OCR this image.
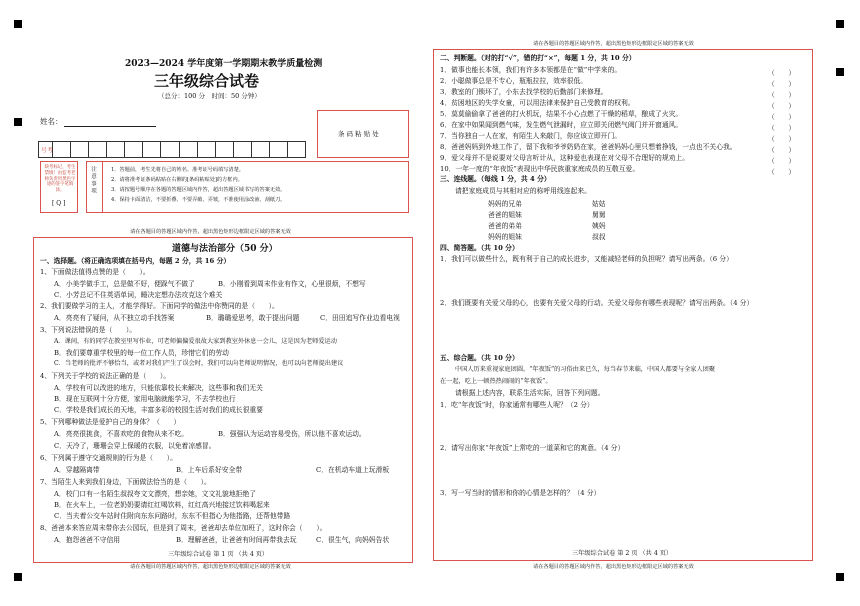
2023—2024 学年度第一学期期末教学质量检测
三年级综合试卷
（总分：100 分　时间：50 分钟）
姓名：
考　号
条 码 粘 贴 处
缺考标记，考生禁填！由监考老师负责用黑色字迹的签字笔填涂。
[ Q ]
注 意 事 项	1．答题前，考生先将自己的姓名、准考证号码填写清楚。
2．请将准考证条码粘贴在右侧的[条码粘贴处]的方框内。
3．请按题号顺序在各题的答题区域内作答，超出答题区域书写的答案无效。
4．保持卡面清洁，不要折叠、不要弄破、弄皱，不准使用涂改液、刮纸刀。
请在各题目的答题区域内作答，超出黑色矩形边框限定区域的答案无效
道德与法治部分（50 分）
一、选择题。（将正确选项填在括号内，每题 2 分，共 16 分）
1、下面做法值得点赞的是（　　）。
A．小美学做手工，总是做不好，便跺气不做了	B．小刚看到周末作业有作文，心里很烦，不想写
C．小芳总记不住英语单词，睡决定想办法攻克这个难关
2、我们要做学习的主人，才能学得好。下面同学的做法中你赞同的是（　　）。
A．亮亮有了疑问，从不独立动手找答案	B．璐璐爱思考，敢于提出问题	C．田田追写作业边看电视
3、下列说法错误的是（　　）。
A．课间，有的同学在教室里写作业，可老师偏偏爱很故大家到教室外休息一会儿，这是因为老师爱运动
B．我们要尊重学校里的每一位工作人员，珍惜它们的劳动
C．当老师的批评不够恰当，或者对我们产生了误会时，我们可以向老师说明情况，也可以向老师提出建议
4、下列关于学校的说法正确的是（　　）。
A．学校有可以改进的地方，只能依靠校长来解决，这些事和我们无关
B．现在互联网十分方便，家用电脑就能学习，不去学校也行
C．学校是我们成长的天地，丰富多彩的校园生活对我们的成长很重要
5、下列哪种做法是爱护自己的身体？（　　）
A．亮亮很挑食，不喜欢吃的食物从来不吃。	B．强强认为运动容易受伤，所以他不喜欢运动。
C．天冷了，珊珊会穿上保暖的衣服，以免着凉感冒。
6、下列属于遵守交通规则的行为是（　　）。
A．穿越隔离带	B．上车后系好安全带	C．在机动车道上玩滑板
7、当陌生人来到我们身边，下面做法恰当的是（　　）。
A．校门口有一名陌生叔叔夸文文漂亮，想亲她，文文礼貌地拒绝了
B．在火车上，一位老奶奶要请红红喝饮料，红红高兴地接过饮料喝起来
C．当夫着公交车站时住附向东东问路时，东东不但指心为他指路，还帮他带路
8、爸爸本来答应周末带你去公园玩，但是到了周末，爸爸却去单位加班了，这时你会（　　）。
A．抱怨爸爸不守信用	B．理解爸爸，让爸爸有时间再带我去玩	C．很生气，向妈妈告状
三年级综合试卷 第 1 页 （共 4 页）
请在各题目的答题区域内作答，超出黑色矩形边框限定区域的答案无效
请在各题目的答题区域内作答，超出黑色矩形边框限定区域的答案无效
二、判断题。（对的打“√”，错的打“×”，每题 1 分，共 10 分）
1．做事也能长本领，我们有许多本领都是在“做”中学来的。	（　　）
2．小聪做事总是不专心，瓶瓶拉拉，效率很低。	（　　）
3．教室的门锁坏了，小东去找学校的后勤部门来修理。	（　　）
4．贫困地区的失学女童，可以用法律来保护自己受教育的权利。	（　　）
5．莫莫偷偷拿了爸爸的打火机玩，结果不小心点燃了干燥的稻草，酿成了火灾。	（　　）
6．在家中如果闻到燃气味，发生燃气泄漏时，应立即关闭燃气阀门并开窗通风。	（　　）
7．当你独自一人在家，有陌生人来敲门，你应该立即开门。	（　　）
8．爸爸妈妈到外地工作了，留下我和爷爷奶奶在家，爸爸妈妈心里只想着挣钱，一点也不关心我。	（　　）
9．爱父母并不是说要对父母言听计从，这种爱也表现在对父母不合理好的规劝上。	（　　）
10．一年一度的“年夜饭”表现出中华民族重家庭成员的互敬互爱。	（　　）
三、连线题。（每线 1 分，共 4 分）
请把家庭成员与其相对应的称呼用线连起来。
妈妈的兄弟	姑姑
爸爸的姐妹	舅舅
爸爸的弟弟	姨妈
妈妈的姐妹	叔叔
四、简答题。（共 10 分）
1．我们可以做些什么，既有利于自己的成长进步，又能减轻老师的负担呢？请写出两条。（6 分）
2．我们既要有关爱父母的心，也要有关爱父母的行动。关爱父母你有哪些表现呢？请写出两条。（4 分）
五、综合题。（共 10 分）
中国人历来重视家庭团圆。“年夜饭”的习俗由来已久，每当春节来临，中国人都要与全家人团聚
在一起，吃上一顿热热闹闹的“年夜饭”。
请根据上述内容，联系生活实际，回答下列问题。
1．吃“年夜饭”时，你家通常有哪些人呢？（2 分）
2．请写出你家“年夜饭”上常吃的一道菜和它的寓意。（4 分）
3．写一写当时的情形和你的心情是怎样的？（4 分）
三年级综合试卷 第 2 页 （共 4 页）
请在各题目的答题区域内作答，超出黑色矩形边框限定区域的答案无效
